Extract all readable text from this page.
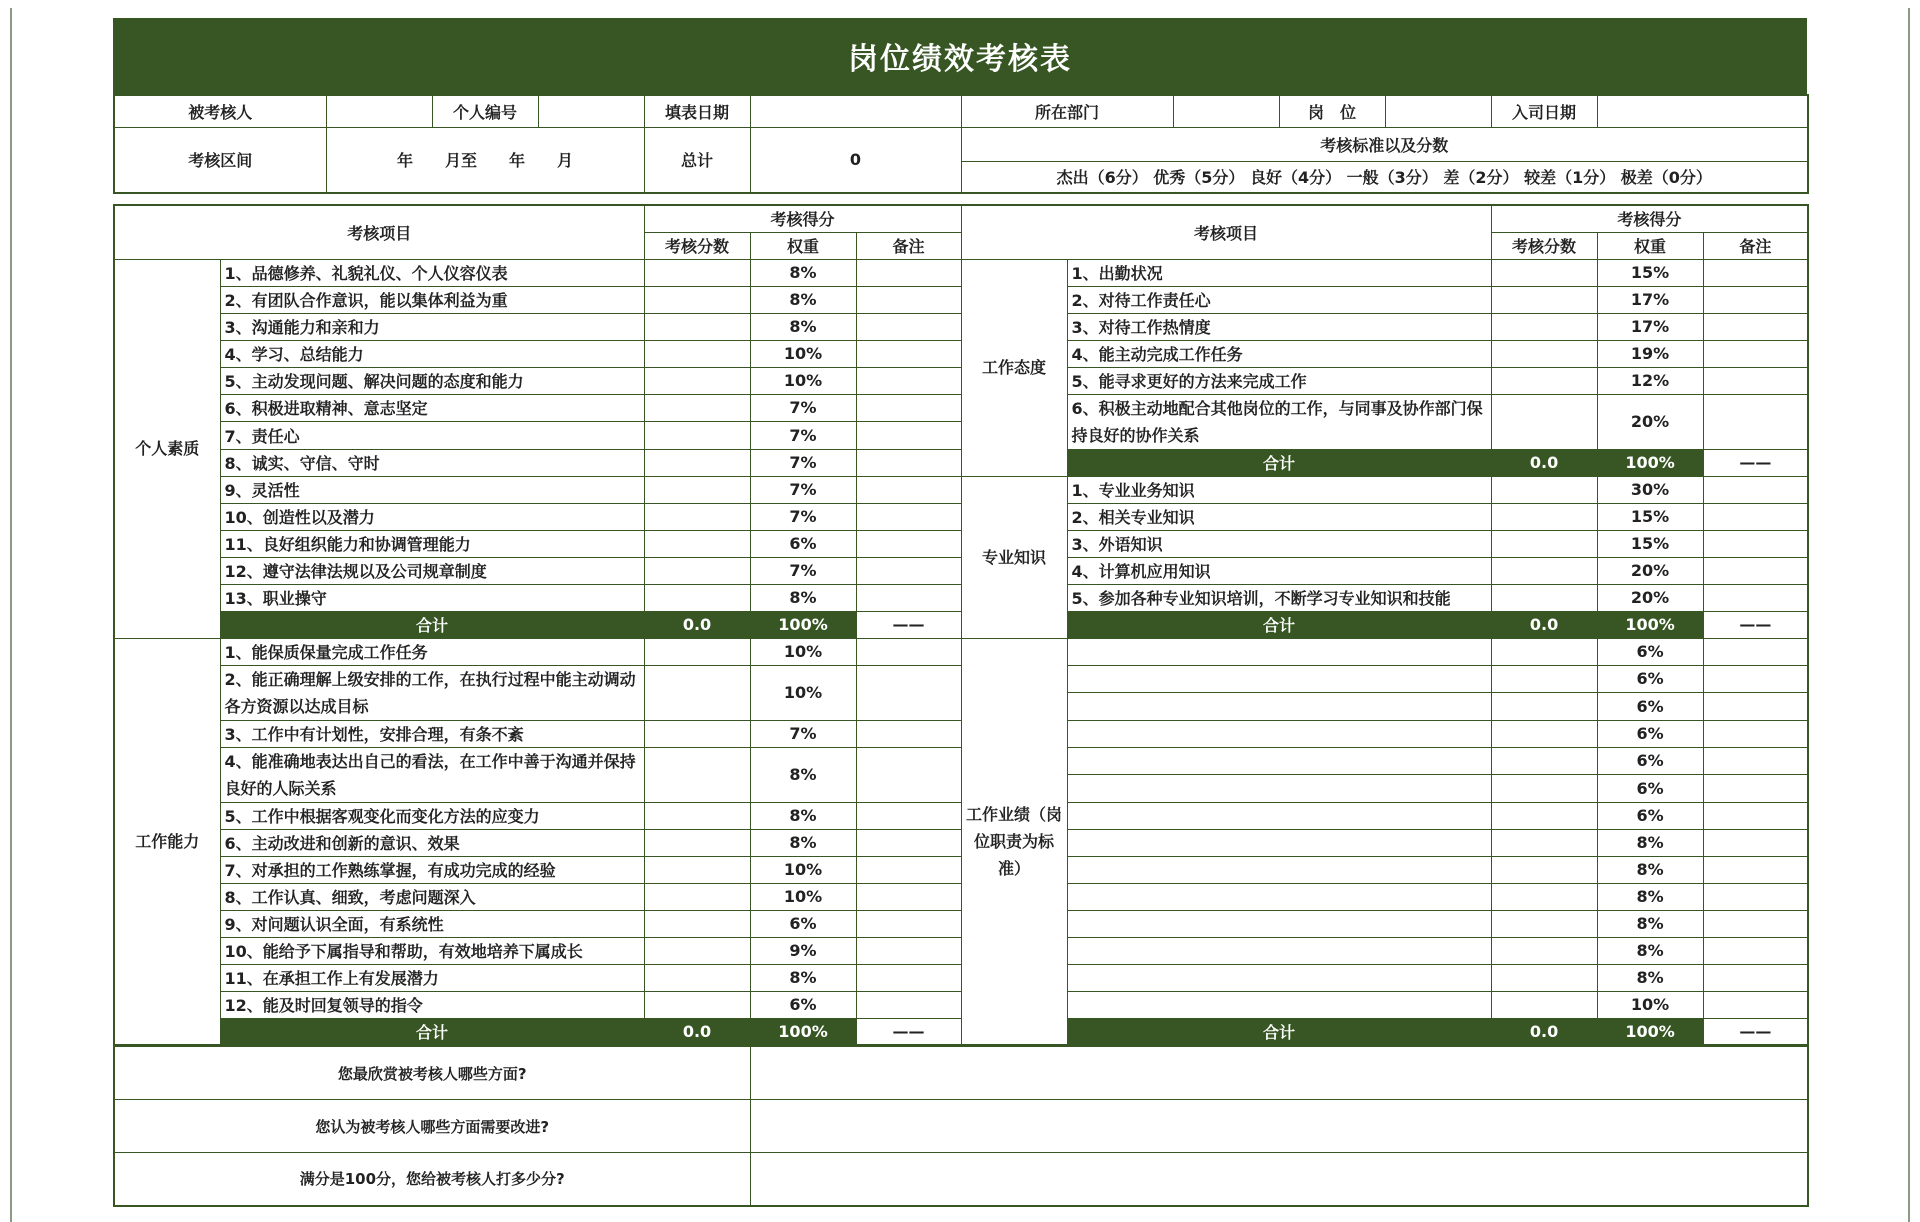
岗位绩效考核表
被考核人		个人编号		填表日期		所在部门		岗　位		入司日期	
考核区间	年　　月至　　年　　月			总计	0	考核标准以及分数					
						杰出（6分） 优秀（5分） 良好（4分） 一般（3分） 差（2分） 较差（1分） 极差（0分）					
考核项目		考核得分			考核项目		考核得分		
		考核分数	权重	备注			考核分数	权重	备注
个人素质	1、品德修养、礼貌礼仪、个人仪容仪表		8%		工作态度	1、出勤状况		15%	
	2、有团队合作意识，能以集体利益为重		8%			2、对待工作责任心		17%	
	3、沟通能力和亲和力		8%			3、对待工作热情度		17%	
	4、学习、总结能力		10%			4、能主动完成工作任务		19%	
	5、主动发现问题、解决问题的态度和能力		10%			5、能寻求更好的方法来完成工作		12%	
	6、积极进取精神、意志坚定		7%			6、积极主动地配合其他岗位的工作，与同事及协作部门保持良好的协作关系		20%	
	7、责任心		7%						
	8、诚实、守信、守时		7%			合计	0.0	100%	——
	9、灵活性		7%		专业知识	1、专业业务知识		30%	
	10、创造性以及潜力		7%			2、相关专业知识		15%	
	11、良好组织能力和协调管理能力		6%			3、外语知识		15%	
	12、遵守法律法规以及公司规章制度		7%			4、计算机应用知识		20%	
	13、职业操守		8%			5、参加各种专业知识培训，不断学习专业知识和技能		20%	
	合计	0.0	100%	——		合计	0.0	100%	——
工作能力	1、能保质保量完成工作任务		10%		工作业绩（岗位职责为标准）			6%	
	2、能正确理解上级安排的工作，在执行过程中能主动调动各方资源以达成目标		10%					6%	
								6%	
	3、工作中有计划性，安排合理，有条不紊		7%					6%	
	4、能准确地表达出自己的看法，在工作中善于沟通并保持良好的人际关系		8%					6%	
								6%	
	5、工作中根据客观变化而变化方法的应变力		8%					6%	
	6、主动改进和创新的意识、效果		8%					8%	
	7、对承担的工作熟练掌握，有成功完成的经验		10%					8%	
	8、工作认真、细致，考虑问题深入		10%					8%	
	9、对问题认识全面，有系统性		6%					8%	
	10、能给予下属指导和帮助，有效地培养下属成长		9%					8%	
	11、在承担工作上有发展潜力		8%					8%	
	12、能及时回复领导的指令		6%					10%	
	合计	0.0	100%	——		合计	0.0	100%	——
您最欣赏被考核人哪些方面?	
您认为被考核人哪些方面需要改进?	
满分是100分，您给被考核人打多少分?	
